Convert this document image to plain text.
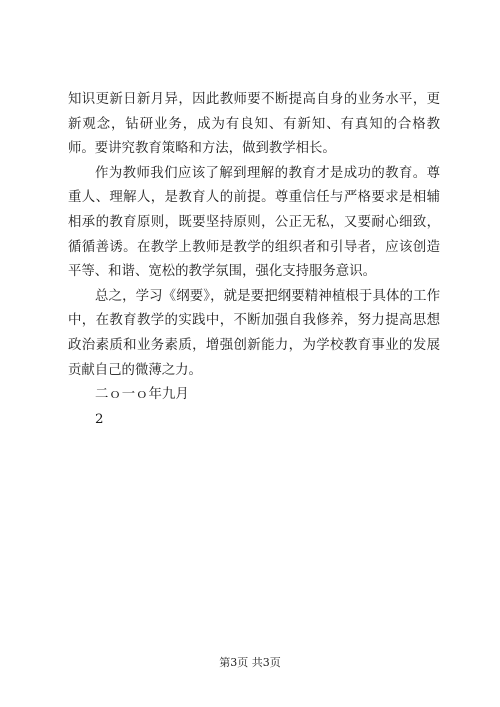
知识更新日新月异，因此教师要不断提高自身的业务水平，更新观念，钻研业务，成为有良知、有新知、有真知的合格教师。要讲究教育策略和方法，做到教学相长。

作为教师我们应该了解到理解的教育才是成功的教育。尊重人、理解人，是教育人的前提。尊重信任与严格要求是相辅相承的教育原则，既要坚持原则，公正无私，又要耐心细致，循循善诱。在教学上教师是教学的组织者和引导者，应该创造平等、和谐、宽松的教学氛围，强化支持服务意识。

总之，学习《纲要》，就是要把纲要精神植根于具体的工作中，在教育教学的实践中，不断加强自我修养，努力提高思想政治素质和业务素质，增强创新能力，为学校教育事业的发展贡献自己的微薄之力。

二ｏ一ｏ年九月

2

第3页 共3页
